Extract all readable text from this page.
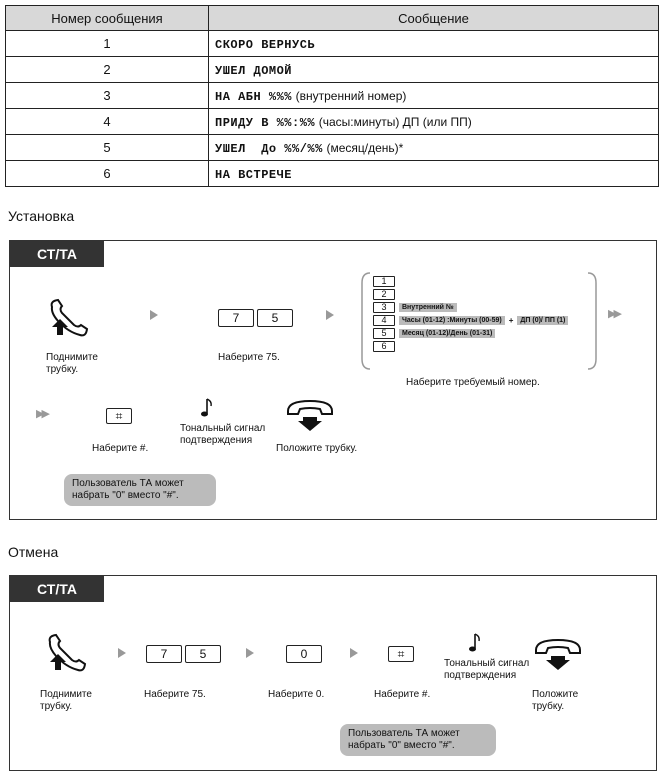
Номер сообщения	Сообщение
1	СКОРО ВЕРНУСЬ
2	УШЕЛ ДОМОЙ
3	НА АБН %%% (внутренний номер)
4	ПРИДУ В %%:%% (часы:минуты) ДП (или ПП)
5	УШЕЛ  До %%/%% (месяц/день)*
6	НА ВСТРЕЧЕ
Установка
СТ/ТА
Поднимите трубку.
7	5
Наберите 75.
1
2
3	Внутренний №
4	Часы (01-12) :Минуты (00-59) +	ДП (0)/ ПП (1)
5	Месяц (01-12)/День (01-31)
6
Наберите требуемый номер.
▶▶
▶▶	⌗
Наберите #.
Тональный сигнал подтверждения
Положите трубку.
Пользователь ТА может набрать "0" вместо "#".
Отмена
СТ/ТА
Поднимите трубку.
7	5
Наберите 75.
0
Наберите 0.
⌗
Наберите #.
Тональный сигнал подтверждения
Положите трубку.
Пользователь ТА может набрать "0" вместо "#".
